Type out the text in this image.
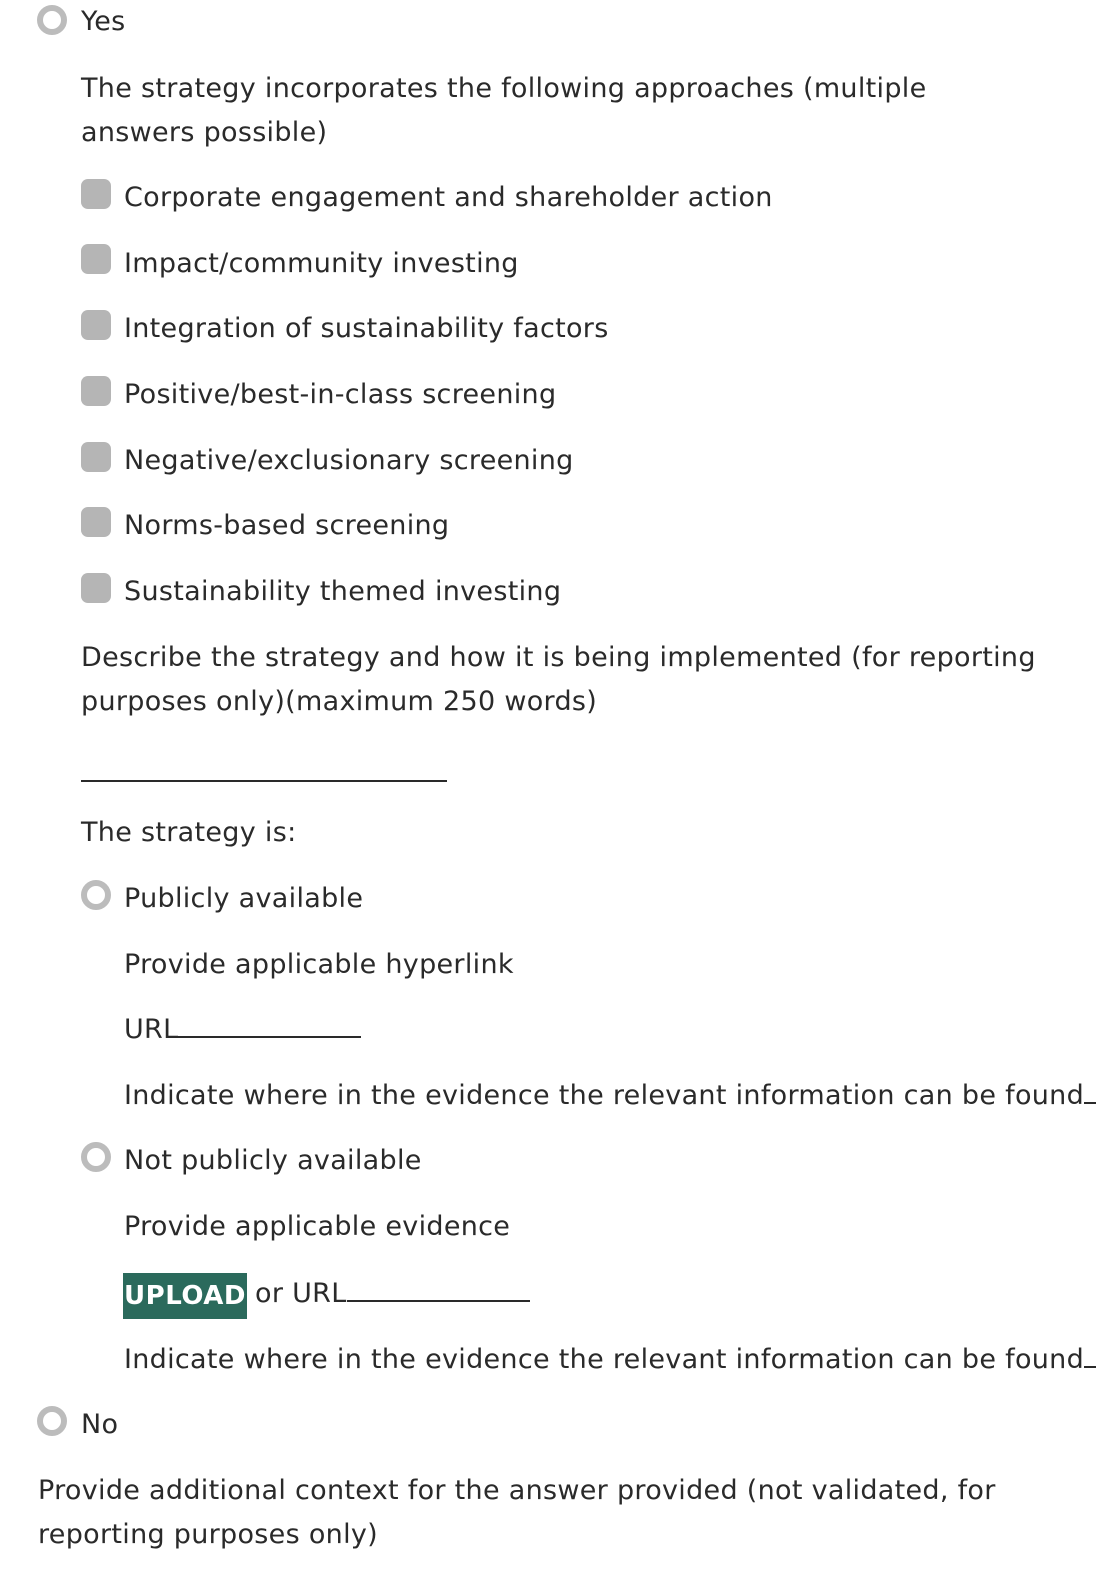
Yes
The strategy incorporates the following approaches (multiple answers possible)
Corporate engagement and shareholder action
Impact/community investing
Integration of sustainability factors
Positive/best-in-class screening
Negative/exclusionary screening
Norms-based screening
Sustainability themed investing
Describe the strategy and how it is being implemented (for reporting purposes only)(maximum 250 words)
The strategy is:
Publicly available
Provide applicable hyperlink
URL
Indicate where in the evidence the relevant information can be found
Not publicly available
Provide applicable evidence
UPLOAD or URL
Indicate where in the evidence the relevant information can be found
No
Provide additional context for the answer provided (not validated, for reporting purposes only)
